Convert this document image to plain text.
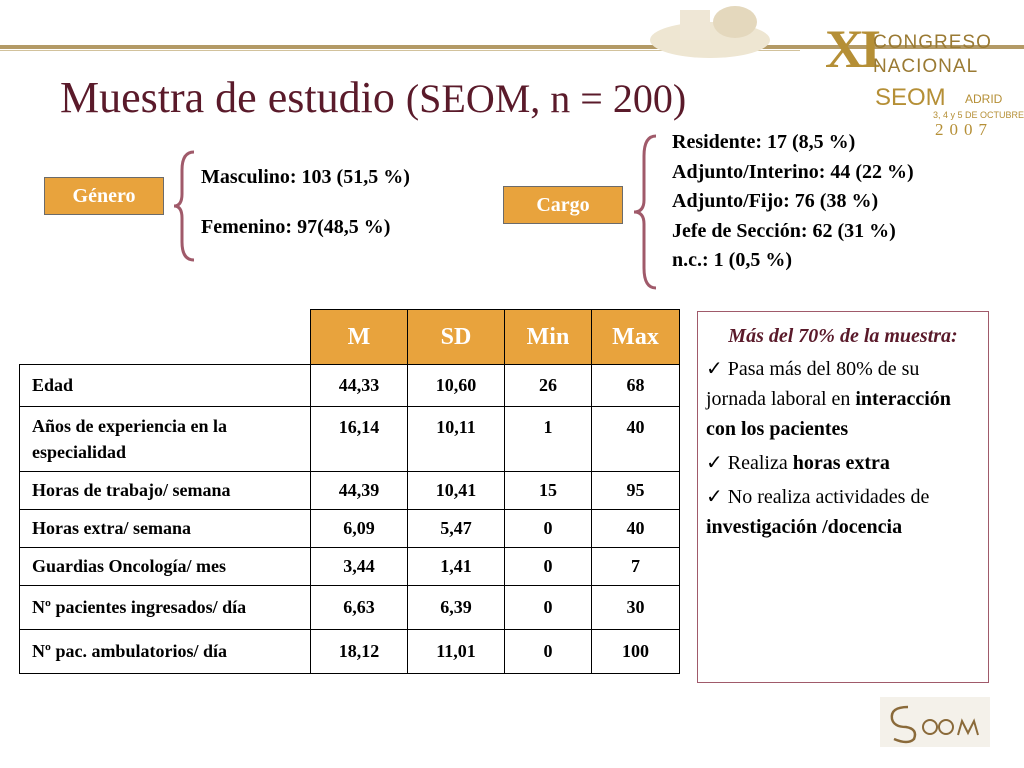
Muestra de estudio (SEOM, n = 200)
XI
CONGRESO
NACIONAL
SEOM ADRID
3, 4 y 5 DE OCTUBRE
2007
Género
Masculino: 103 (51,5 %)
Femenino: 97(48,5 %)
Cargo
Residente: 17 (8,5 %)
Adjunto/Interino: 44 (22 %)
Adjunto/Fijo: 76 (38 %)
Jefe de Sección: 62 (31 %)
n.c.: 1 (0,5 %)
	M	SD	Min	Max
Edad	44,33	10,60	26	68
Años de experiencia en la especialidad	16,14	10,11	1	40
Horas de trabajo/ semana	44,39	10,41	15	95
Horas extra/ semana	6,09	5,47	0	40
Guardias Oncología/ mes	3,44	1,41	0	7
Nº pacientes ingresados/ día	6,63	6,39	0	30
Nº pac. ambulatorios/ día	18,12	11,01	0	100
Más del 70% de la muestra:
✓ Pasa más del 80% de su jornada laboral en interacción con los pacientes
✓ Realiza horas extra
✓ No realiza actividades de investigación /docencia
